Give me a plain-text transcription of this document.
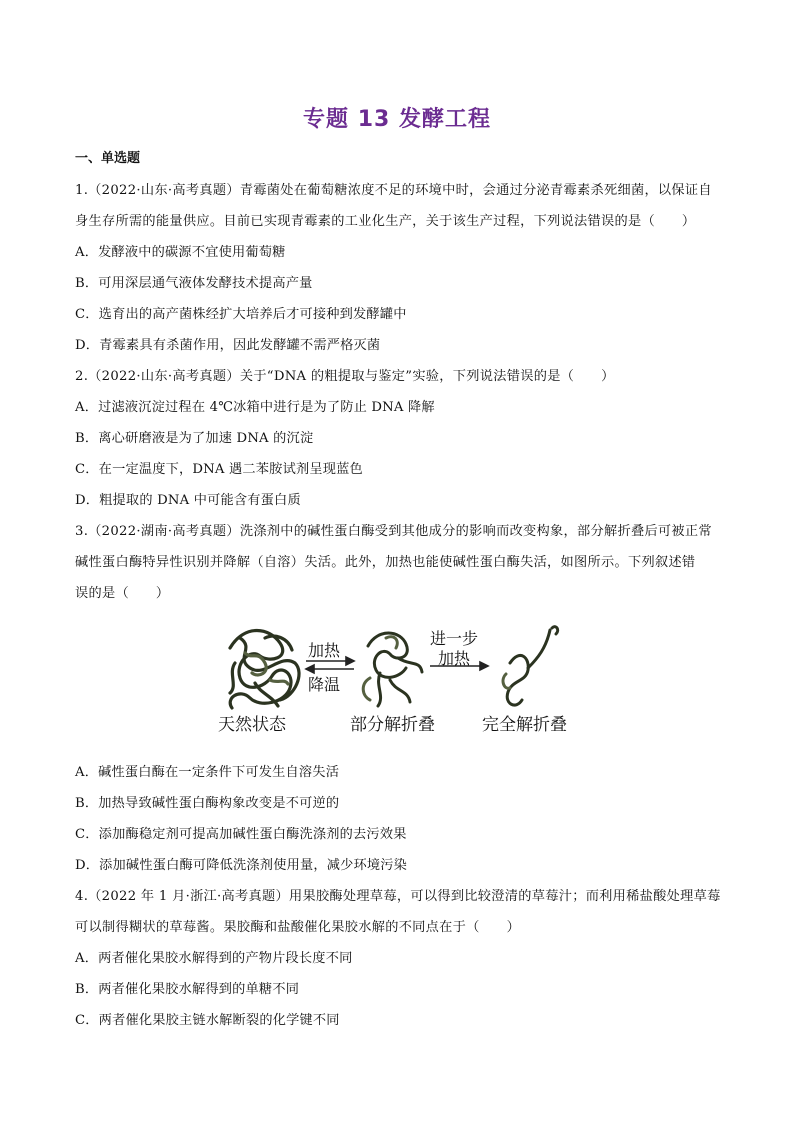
专题 13 发酵工程
一、单选题
1.（2022·山东·高考真题）青霉菌处在葡萄糖浓度不足的环境中时，会通过分泌青霉素杀死细菌，以保证自
身生存所需的能量供应。目前已实现青霉素的工业化生产，关于该生产过程，下列说法错误的是（　　）
A．发酵液中的碳源不宜使用葡萄糖
B．可用深层通气液体发酵技术提高产量
C．选育出的高产菌株经扩大培养后才可接种到发酵罐中
D．青霉素具有杀菌作用，因此发酵罐不需严格灭菌
2.（2022·山东·高考真题）关于“DNA 的粗提取与鉴定”实验，下列说法错误的是（　　）
A．过滤液沉淀过程在 4℃冰箱中进行是为了防止 DNA 降解
B．离心研磨液是为了加速 DNA 的沉淀
C．在一定温度下，DNA 遇二苯胺试剂呈现蓝色
D．粗提取的 DNA 中可能含有蛋白质
3.（2022·湖南·高考真题）洗涤剂中的碱性蛋白酶受到其他成分的影响而改变构象，部分解折叠后可被正常
碱性蛋白酶特异性识别并降解（自溶）失活。此外，加热也能使碱性蛋白酶失活，如图所示。下列叙述错
误的是（　　）
加热
降温
进一步
加热
天然状态	部分解折叠	完全解折叠
A．碱性蛋白酶在一定条件下可发生自溶失活
B．加热导致碱性蛋白酶构象改变是不可逆的
C．添加酶稳定剂可提高加碱性蛋白酶洗涤剂的去污效果
D．添加碱性蛋白酶可降低洗涤剂使用量，减少环境污染
4.（2022 年 1 月·浙江·高考真题）用果胶酶处理草莓，可以得到比较澄清的草莓汁；而利用稀盐酸处理草莓
可以制得糊状的草莓酱。果胶酶和盐酸催化果胶水解的不同点在于（　　）
A．两者催化果胶水解得到的产物片段长度不同
B．两者催化果胶水解得到的单糖不同
C．两者催化果胶主链水解断裂的化学键不同
